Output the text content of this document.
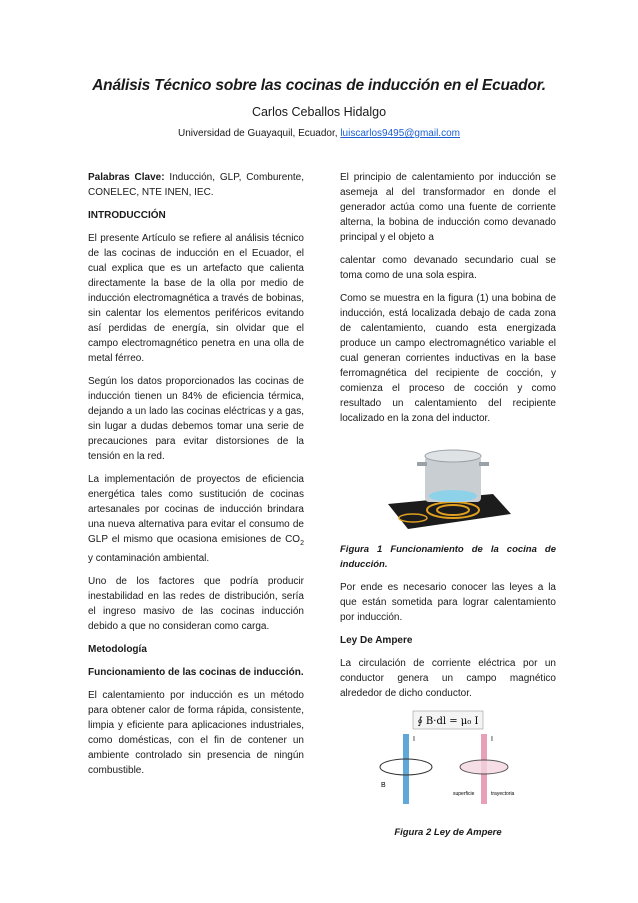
Análisis Técnico sobre las cocinas de inducción en el Ecuador.
Carlos Ceballos Hidalgo
Universidad de Guayaquil, Ecuador, luiscarlos9495@gmail.com

Palabras Clave: Inducción, GLP, Comburente, CONELEC, NTE INEN, IEC.

INTRODUCCIÓN

El presente Artículo se refiere al análisis técnico de las cocinas de inducción en el Ecuador, el cual explica que es un artefacto que calienta directamente la base de la olla por medio de inducción electromagnética a través de bobinas, sin calentar los elementos periféricos evitando así perdidas de energía, sin olvidar que el campo electromagnético penetra en una olla de metal férreo.

Según los datos proporcionados las cocinas de inducción tienen un 84% de eficiencia térmica, dejando a un lado las cocinas eléctricas y a gas, sin lugar a dudas debemos tomar una serie de precauciones para evitar distorsiones de la tensión en la red.

La implementación de proyectos de eficiencia energética tales como sustitución de cocinas artesanales por cocinas de inducción brindara una nueva alternativa para evitar el consumo de GLP el mismo que ocasiona emisiones de $CO_2$ y contaminación ambiental.

Uno de los factores que podría producir inestabilidad en las redes de distribución, sería el ingreso masivo de las cocinas inducción debido a que no consideran como carga.

Metodología
Funcionamiento de las cocinas de inducción.

El calentamiento por inducción es un método para obtener calor de forma rápida, consistente, limpia y eficiente para aplicaciones industriales, como domésticas, con el fin de contener un ambiente controlado sin presencia de ningún combustible.

El principio de calentamiento por inducción se asemeja al del transformador en donde el generador actúa como una fuente de corriente alterna, la bobina de inducción como devanado principal y el objeto a

calentar como devanado secundario cual se toma como de una sola espira.

Como se muestra en la figura (1) una bobina de inducción, está localizada debajo de cada zona de calentamiento, cuando esta energizada produce un campo electromagnético variable el cual generan corrientes inductivas en la base ferromagnética del recipiente de cocción, y comienza el proceso de cocción y como resultado un calentamiento del recipiente localizado en la zona del inductor.

Figura 1 Funcionamiento de la cocina de inducción.

Por ende es necesario conocer las leyes a la que están sometida para lograr calentamiento por inducción.

Ley De Ampere

La circulación de corriente eléctrica por un conductor genera un campo magnético alrededor de dicho conductor.

∮ B·dl = μ₀ I
I
B
I
superficie	trayectoria

Figura 2 Ley de Ampere
